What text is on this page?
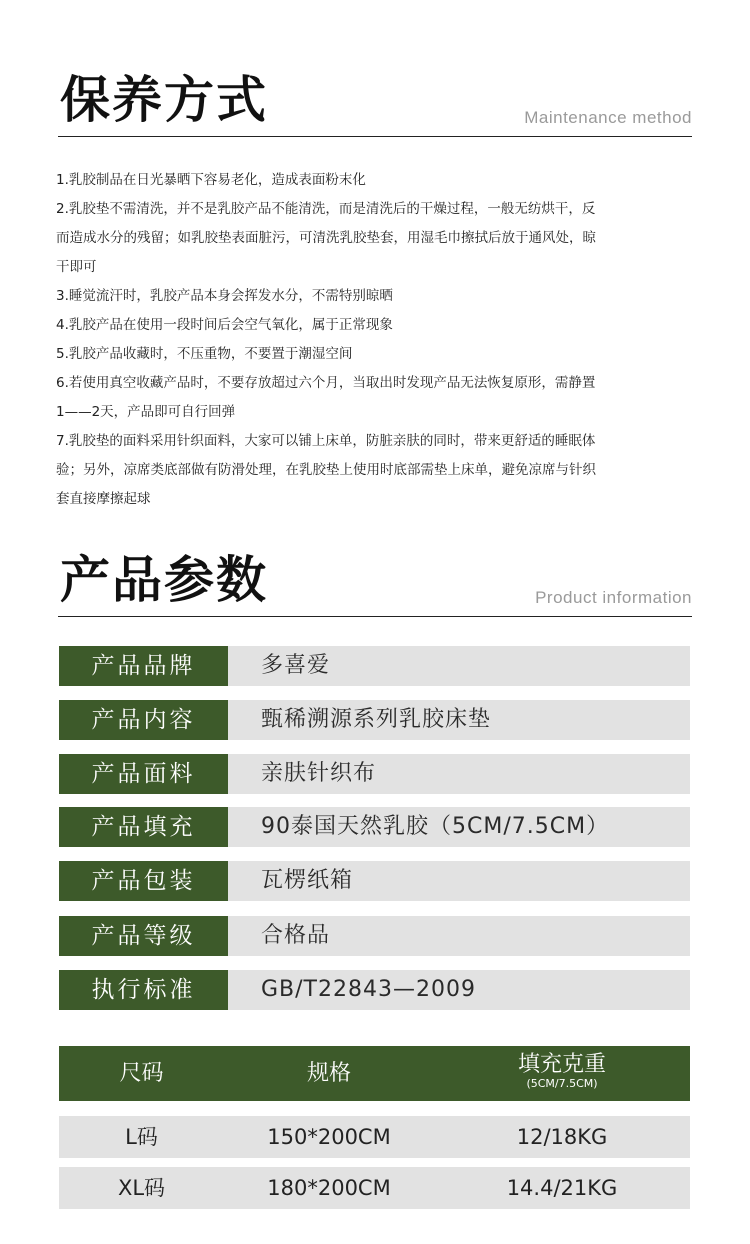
保养方式	Maintenance method
1.乳胶制品在日光暴晒下容易老化，造成表面粉末化
2.乳胶垫不需清洗，并不是乳胶产品不能清洗，而是清洗后的干燥过程，一般无纺烘干，反
而造成水分的残留；如乳胶垫表面脏污，可清洗乳胶垫套，用湿毛巾擦拭后放于通风处，晾
干即可
3.睡觉流汗时，乳胶产品本身会挥发水分，不需特别晾晒
4.乳胶产品在使用一段时间后会空气氧化，属于正常现象
5.乳胶产品收藏时，不压重物，不要置于潮湿空间
6.若使用真空收藏产品时，不要存放超过六个月，当取出时发现产品无法恢复原形，需静置
1——2天，产品即可自行回弹
7.乳胶垫的面料采用针织面料，大家可以铺上床单，防脏亲肤的同时，带来更舒适的睡眠体
验；另外，凉席类底部做有防滑处理，在乳胶垫上使用时底部需垫上床单，避免凉席与针织
套直接摩擦起球
产品参数	Product information
产品品牌	多喜爱
产品内容	甄稀溯源系列乳胶床垫
产品面料	亲肤针织布
产品填充	90泰国天然乳胶（5CM/7.5CM）
产品包装	瓦楞纸箱
产品等级	合格品
执行标准	GB/T22843—2009
尺码	规格	填充克重
(5CM/7.5CM)
L码	150*200CM	12/18KG
XL码	180*200CM	14.4/21KG
